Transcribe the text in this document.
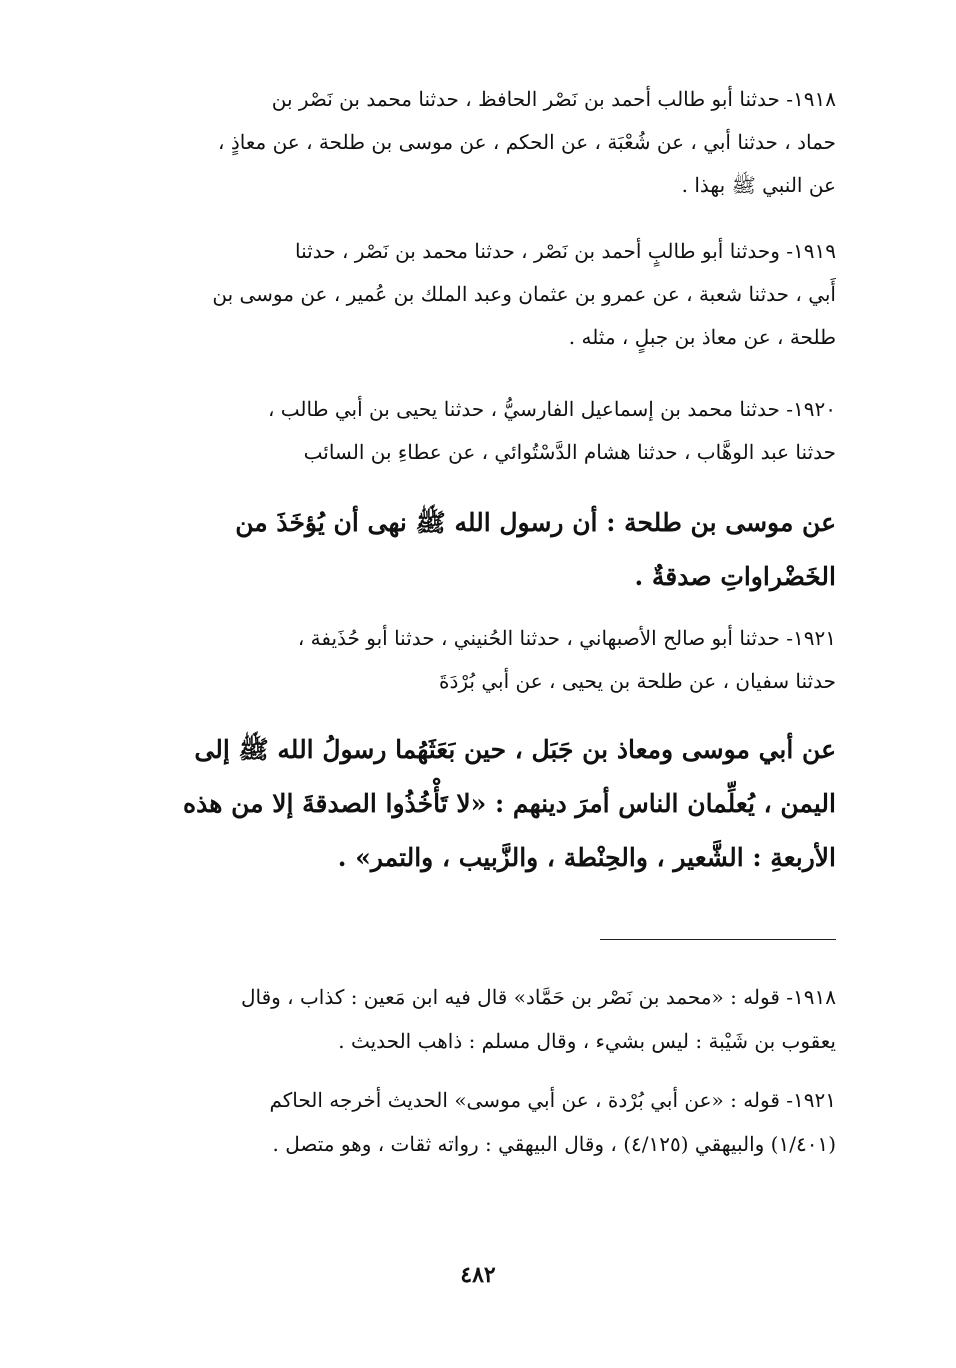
١٩١٨- حدثنا أبو طالب أحمد بن نَصْر الحافظ ، حدثنا محمد بن نَصْر بن
حماد ، حدثنا أبي ، عن شُعْبَة ، عن الحكم ، عن موسى بن طلحة ، عن معاذٍ ،
عن النبي ﷺ بهذا .
١٩١٩- وحدثنا أبو طالبٍ أحمد بن نَصْر ، حدثنا محمد بن نَصْر ، حدثنا
أَبي ، حدثنا شعبة ، عن عمرو بن عثمان وعبد الملك بن عُمير ، عن موسى بن
طلحة ، عن معاذ بن جبلٍ ، مثله .
١٩٢٠- حدثنا محمد بن إسماعيل الفارسيُّ ، حدثنا يحيى بن أبي طالب ،
حدثنا عبد الوهَّاب ، حدثنا هشام الدَّسْتُوائي ، عن عطاءِ بن السائب
عن موسى بن طلحة : أن رسول الله ﷺ نهى أن يُؤخَذَ من
الخَضْراواتِ صدقةٌ .
١٩٢١- حدثنا أبو صالح الأصبهاني ، حدثنا الحُنيني ، حدثنا أبو حُذَيفة ،
حدثنا سفيان ، عن طلحة بن يحيى ، عن أبي بُرْدَةَ
عن أبي موسى ومعاذ بن جَبَل ، حين بَعَثَهُما رسولُ الله ﷺ إلى
اليمن ، يُعلِّمان الناس أمرَ دينهم : «لا تَأْخُذُوا الصدقةَ إلا من هذه
الأربعةِ : الشَّعير ، والحِنْطة ، والزَّبيب ، والتمر» .
١٩١٨- قوله : «محمد بن نَصْر بن حَمَّاد» قال فيه ابن مَعين : كذاب ، وقال
يعقوب بن شَيْبة : ليس بشيء ، وقال مسلم : ذاهب الحديث .
١٩٢١- قوله : «عن أبي بُرْدة ، عن أبي موسى» الحديث أخرجه الحاكم
(١/٤٠١) والبيهقي (٤/١٢٥) ، وقال البيهقي : رواته ثقات ، وهو متصل .
٤٨٢
